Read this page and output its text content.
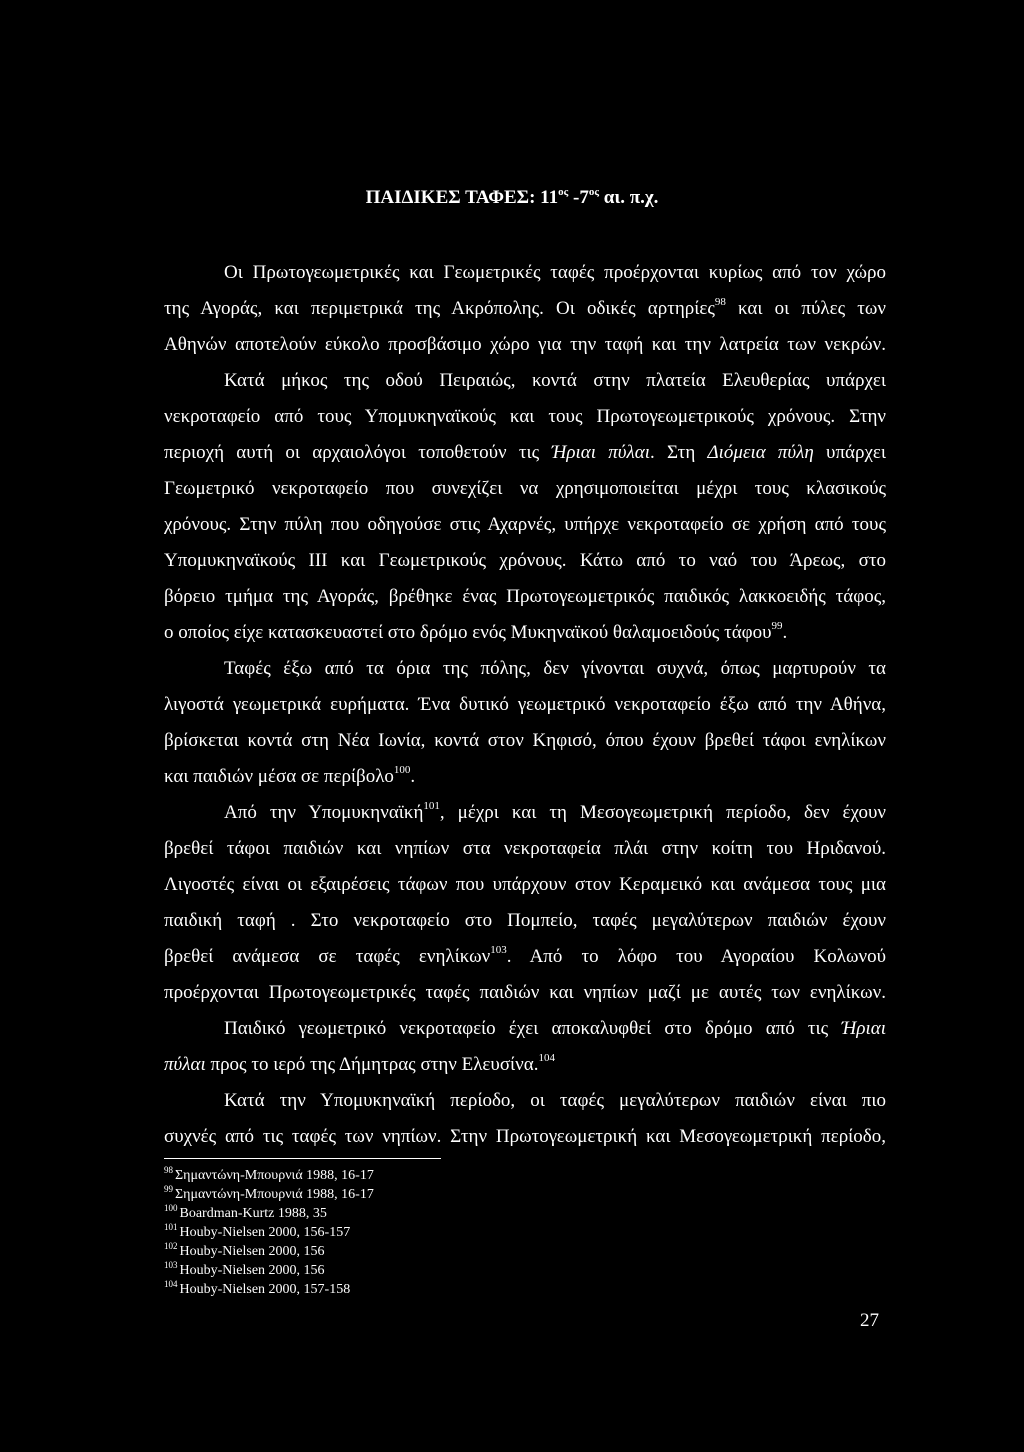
ΠΑΙΔΙΚΕΣ ΤΑΦΕΣ: $11^{o\varsigma}$ $-7^{o\varsigma}$ αι. π.χ.
Οι Πρωτογεωμετρικές και Γεωμετρικές ταφές προέρχονται κυρίως από τον χώρο
της Αγοράς, και περιμετρικά της Ακρόπολης. Οι οδικές αρτηρίες$^{98}$ και οι πύλες των
Αθηνών αποτελούν εύκολο προσβάσιμο χώρο για την ταφή και την λατρεία των νεκρών.
Κατά μήκος της οδού Πειραιώς, κοντά στην πλατεία Ελευθερίας υπάρχει
νεκροταφείο από τους Υπομυκηναϊκούς και τους Πρωτογεωμετρικούς χρόνους. Στην
περιοχή αυτή οι αρχαιολόγοι τοποθετούν τις Ήριαι πύλαι. Στη Διόμεια πύλη υπάρχει
Γεωμετρικό νεκροταφείο που συνεχίζει να χρησιμοποιείται μέχρι τους κλασικούς
χρόνους. Στην πύλη που οδηγούσε στις Αχαρνές, υπήρχε νεκροταφείο σε χρήση από τους
Υπομυκηναϊκούς ΙΙΙ και Γεωμετρικούς χρόνους. Κάτω από το ναό του Άρεως, στο
βόρειο τμήμα της Αγοράς, βρέθηκε ένας Πρωτογεωμετρικός παιδικός λακκοειδής τάφος,
ο οποίος είχε κατασκευαστεί στο δρόμο ενός Μυκηναϊκού θαλαμοειδούς τάφου$^{99}$.
Ταφές έξω από τα όρια της πόλης, δεν γίνονται συχνά, όπως μαρτυρούν τα
λιγοστά γεωμετρικά ευρήματα. Ένα δυτικό γεωμετρικό νεκροταφείο έξω από την Αθήνα,
βρίσκεται κοντά στη Νέα Ιωνία, κοντά στον Κηφισό, όπου έχουν βρεθεί τάφοι ενηλίκων
και παιδιών μέσα σε περίβολο$^{100}$.
Από την Υπομυκηναϊκή$^{101}$, μέχρι και τη Μεσογεωμετρική περίοδο, δεν έχουν
βρεθεί τάφοι παιδιών και νηπίων στα νεκροταφεία πλάι στην κοίτη του Ηριδανού.
Λιγοστές είναι οι εξαιρέσεις τάφων που υπάρχουν στον Κεραμεικό και ανάμεσα τους μια
παιδική ταφή . Στο νεκροταφείο στο Πομπείο, ταφές μεγαλύτερων παιδιών έχουν
βρεθεί ανάμεσα σε ταφές ενηλίκων$^{103}$. Από το λόφο του Αγοραίου Κολωνού
προέρχονται Πρωτογεωμετρικές ταφές παιδιών και νηπίων μαζί με αυτές των ενηλίκων.
Παιδικό γεωμετρικό νεκροταφείο έχει αποκαλυφθεί στο δρόμο από τις Ήριαι
πύλαι προς το ιερό της Δήμητρας στην Ελευσίνα.$^{104}$
Κατά την Υπομυκηναϊκή περίοδο, οι ταφές μεγαλύτερων παιδιών είναι πιο
συχνές από τις ταφές των νηπίων. Στην Πρωτογεωμετρική και Μεσογεωμετρική περίοδο,
$^{98}$ Σημαντώνη-Μπουρνιά 1988, 16-17
$^{99}$ Σημαντώνη-Μπουρνιά 1988, 16-17
$^{100}$ Boardman-Kurtz 1988, 35
$^{101}$ Houby-Nielsen 2000, 156-157
$^{102}$ Houby-Nielsen 2000, 156
$^{103}$ Houby-Nielsen 2000, 156
$^{104}$ Houby-Nielsen 2000, 157-158
27
